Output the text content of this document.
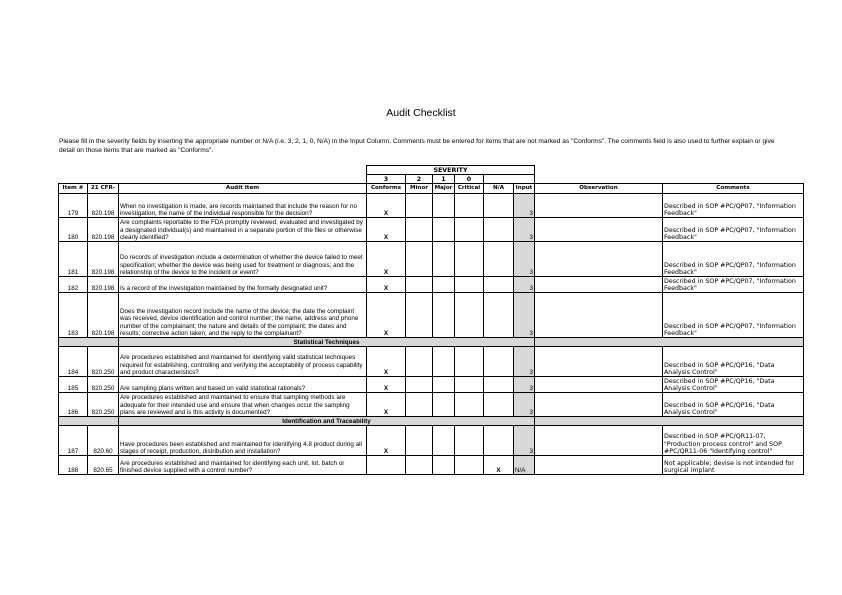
Audit Checklist
Please fill in the severity fields by inserting the appropriate number or N/A (i.e. 3, 2, 1, 0, N/A) in the Input Column. Comments must be entered for items that are not marked as "Conforms". The comments field is also used to further explain or give detail on those items that are marked as "Conforms".
			SEVERITY							
			3	2	1	0				
Item #	21 CFR-	Audit Item	Conforms	Minor	Major	Critical	N/A	Input	Observation	Comments
179	820.198	When no investigation is made, are records maintained that include the reason for no investigation, the name of the individual responsible for the decision?	X					3		Described in SOP #PC/QP07, "Information Feedback"
180	820.198	Are complaints reportable to the FDA promptly reviewed, evaluated and investigated by a designated individual(s) and maintained in a separate portion of the files or otherwise clearly identified?	X					3		Described in SOP #PC/QP07, "Information Feedback"
181	820.198	Do records of investigation include a determination of whether the device failed to meet specification; whether the device was being used for treatment or diagnosis; and the relationship of the device to the incident or event?	X					3		Described in SOP #PC/QP07, "Information Feedback"
182	820.198	Is a record of the investigation maintained by the formally designated unit?	X					3		Described in SOP #PC/QP07, "Information Feedback"
183	820.198	Does the investigation record include the name of the device; the date the complaint was received, device identification and control number; the name, address and phone number of the complainant; the nature and details of the complaint; the dates and results; corrective action taken; and the reply to the complainant?	X					3		Described in SOP #PC/QP07, "Information Feedback"
		Statistical Techniques								
184	820.250	Are procedures established and maintained for identifying valid statistical techniques required for establishing, controlling and verifying the acceptability of process capability and product characteristics?	X					3		Described in SOP #PC/QP16, "Data Analysis Control"
185	820.250	Are sampling plans written and based on valid statistical rationals?	X					3		Described in SOP #PC/QP16, "Data Analysis Control"
186	820.250	Are procedures established and maintained to ensure that sampling methods are adequate for their intended use and ensure that when changes occur the sampling plans are reviewed and is this activity is documented?	X					3		Described in SOP #PC/QP16, "Data Analysis Control"
		Identification and Traceability								
187	820.60	Have procedures been established and maintained for identifying 4.8 product during all stages of receipt, production, distribution and installation?	X					3		Described in SOP #PC/QR11-07, "Production process control" and SOP #PC/QR11-06 "Identifying control"
188	820.65	Are procedures established and maintained for identifying each unit, lot, batch or finished device supplied with a control number?					X	N/A		Not applicable; devise is not intended for surgical implant
